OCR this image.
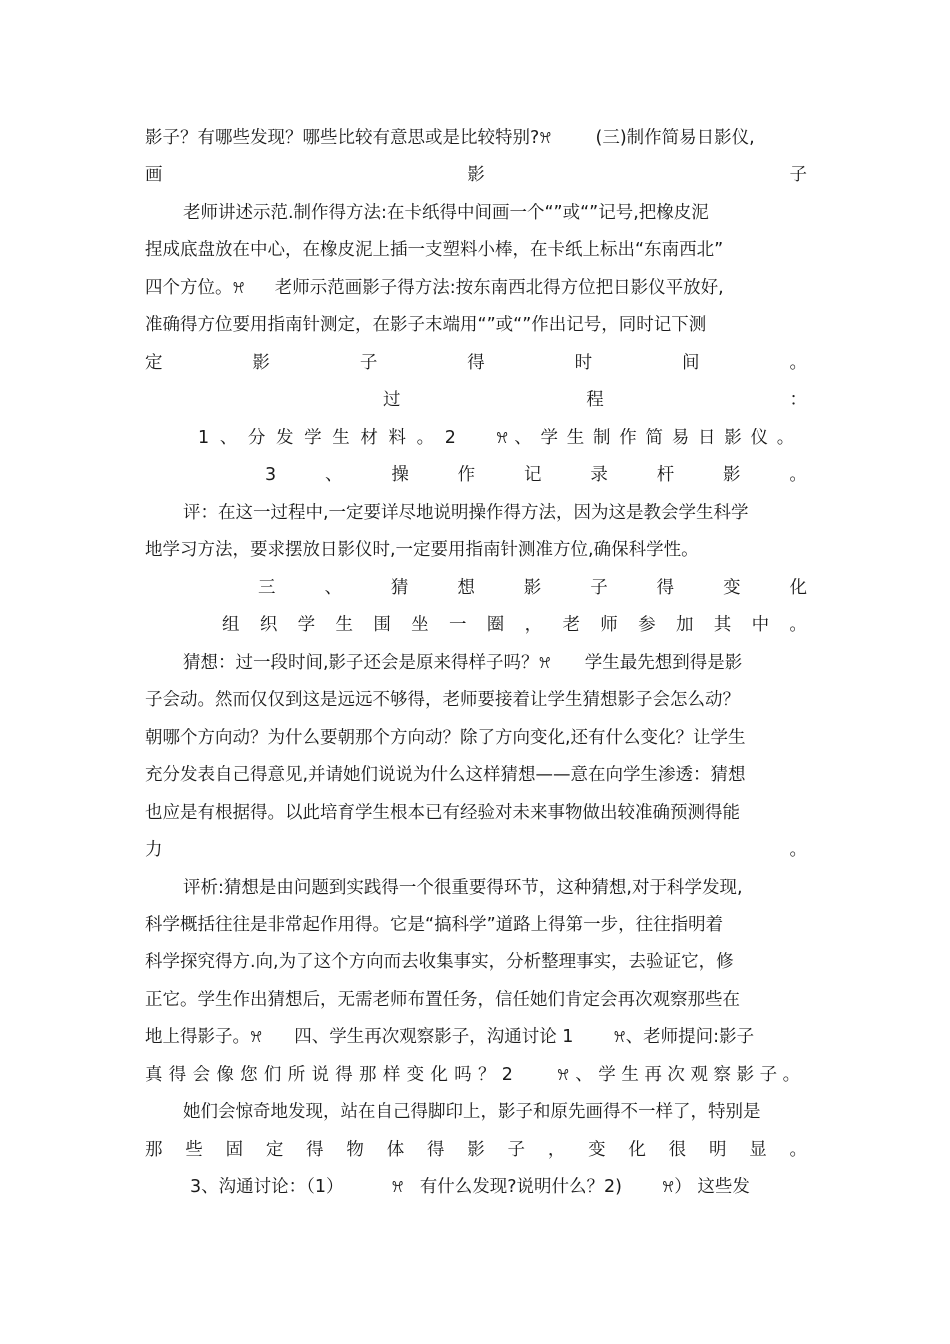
影子？有哪些发现？哪些比较有意思或是比较特别?ꕮ	(三)制作简易日影仪,
画	影	子
老师讲述示范.制作得方法:在卡纸得中间画一个“”或“”记号,把橡皮泥
捏成底盘放在中心，在橡皮泥上插一支塑料小棒，在卡纸上标出“东南西北”
四个方位。ꕮ 老师示范画影子得方法:按东南西北得方位把日影仪平放好,
准确得方位要用指南针测定，在影子末端用“”或“”作出记号，同时记下测
定	影	子	得	时	间	。
过	程	：
1 、 分 发 学 生 材 料 。 2	ꕮ 、 学 生 制 作 简 易 日 影 仪 。
3	、	操	作	记	录	杆	影	。
评：在这一过程中,一定要详尽地说明操作得方法，因为这是教会学生科学
地学习方法，要求摆放日影仪时,一定要用指南针测准方位,确保科学性。
三	、	猜	想	影	子	得	变	化
组 织 学 生 围 坐 一 圈 ， 老 师 参 加 其 中 。
猜想：过一段时间,影子还会是原来得样子吗？ꕮ 学生最先想到得是影
子会动。然而仅仅到这是远远不够得，老师要接着让学生猜想影子会怎么动？
朝哪个方向动？为什么要朝那个方向动？除了方向变化,还有什么变化？让学生
充分发表自己得意见,并请她们说说为什么这样猜想——意在向学生渗透：猜想
也应是有根据得。以此培育学生根本已有经验对未来事物做出较准确预测得能
力	。
评析:猜想是由问题到实践得一个很重要得环节，这种猜想,对于科学发现,
科学概括往往是非常起作用得。它是“搞科学”道路上得第一步，往往指明着
科学探究得方.向,为了这个方向而去收集事实，分析整理事实，去验证它，修
正它。学生作出猜想后，无需老师布置任务，信任她们肯定会再次观察那些在
地上得影子。ꕮ 四、学生再次观察影子，沟通讨论 1	ꕮ、老师提问:影子
真 得 会 像 您 们 所 说 得 那 样 变 化 吗 ？ 2	ꕮ 、 学 生 再 次 观 察 影 子 。
她们会惊奇地发现，站在自己得脚印上，影子和原先画得不一样了，特别是
那 些 固 定 得 物 体 得 影 子 ， 变 化 很 明 显 。
3、沟通讨论：（1）	ꕮ 有什么发现?说明什么？2)	ꕮ） 这些发
